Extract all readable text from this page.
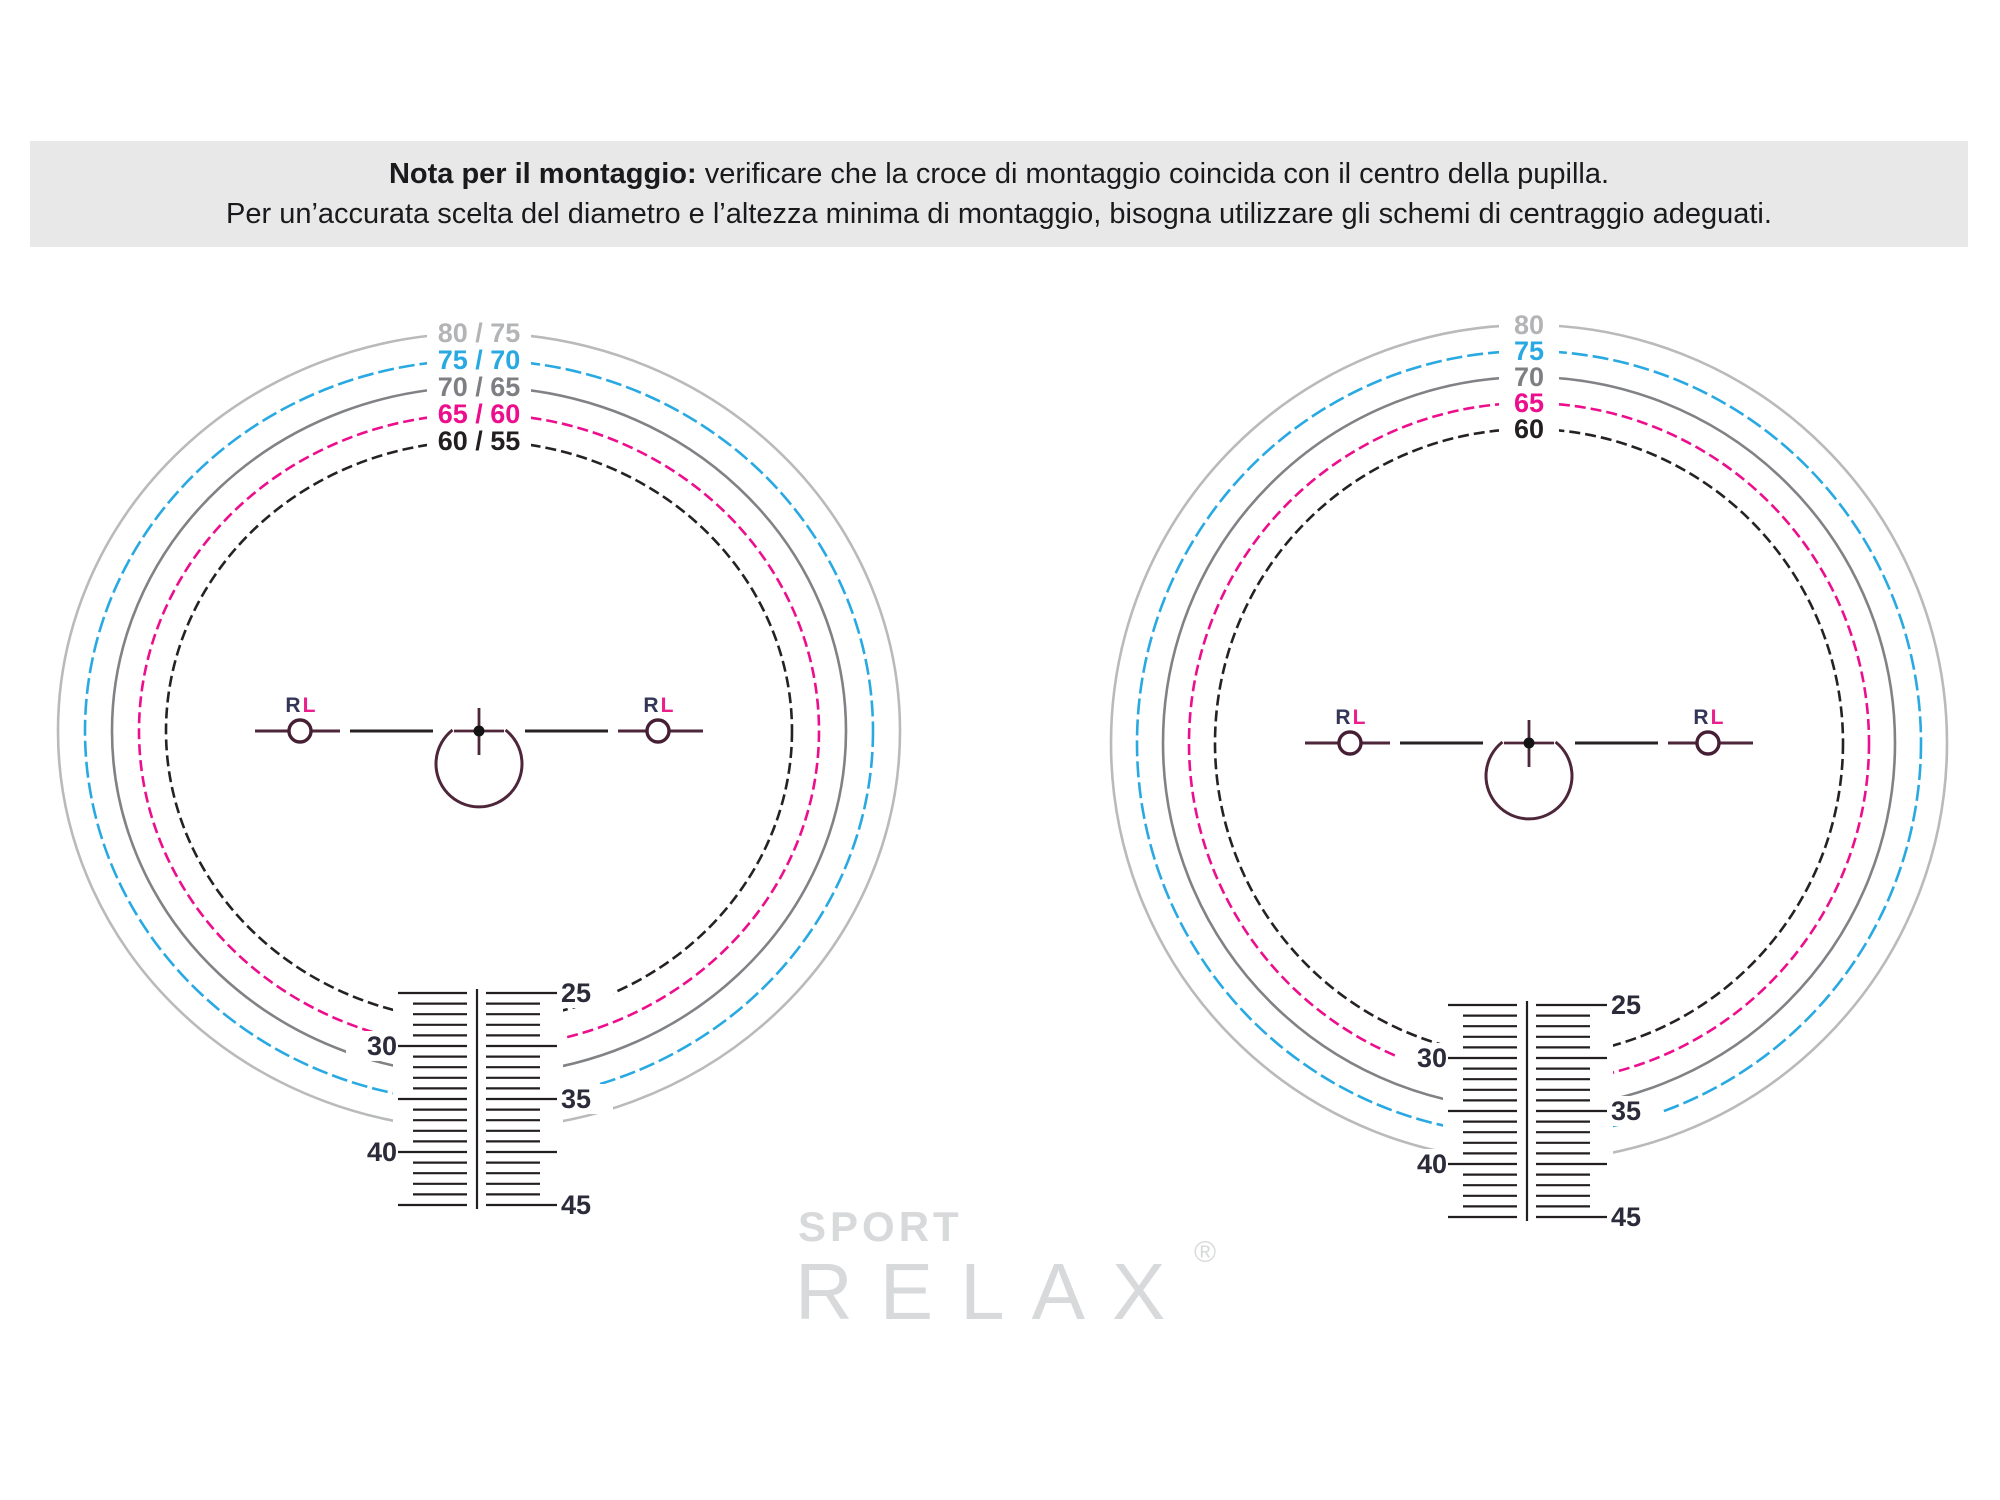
Nota per il montaggio: verificare che la croce di montaggio coincida con il centro della pupilla.
Per un’accurata scelta del diametro e l’altezza minima di montaggio, bisogna utilizzare gli schemi di centraggio adeguati.
80 / 75
75 / 70
70 / 65
65 / 60
60 / 55
25
30
35
40
45
R L	R L
80
75
70
65
60
25
30
35
40
45
R L	R L
SPORT
RELAX ®
